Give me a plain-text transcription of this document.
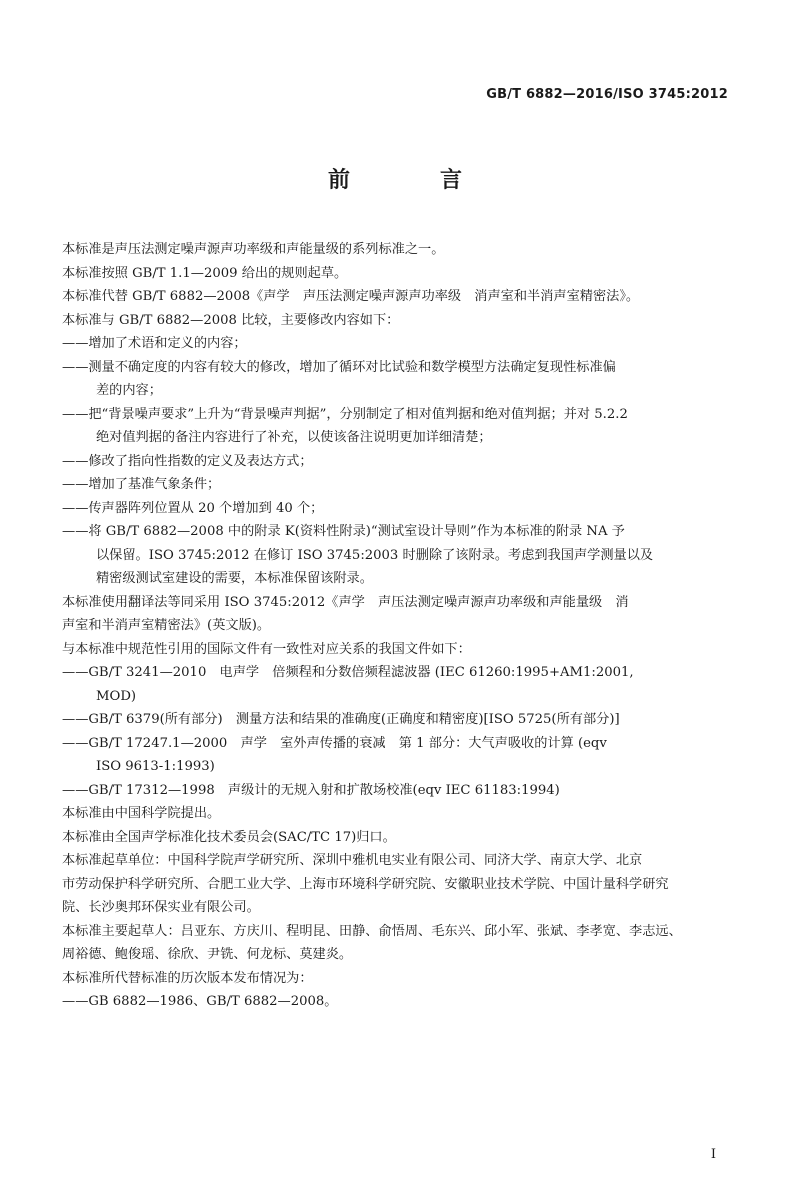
GB/T 6882—2016/ISO 3745:2012
前　言

本标准是声压法测定噪声源声功率级和声能量级的系列标准之一。

本标准按照 GB/T 1.1—2009 给出的规则起草。

本标准代替 GB/T 6882—2008《声学　声压法测定噪声源声功率级　消声室和半消声室精密法》。

本标准与 GB/T 6882—2008 比较，主要修改内容如下：

——增加了术语和定义的内容；

——测量不确定度的内容有较大的修改，增加了循环对比试验和数学模型方法确定复现性标准偏

差的内容；

——把“背景噪声要求”上升为“背景噪声判据”，分别制定了相对值判据和绝对值判据；并对 5.2.2

绝对值判据的备注内容进行了补充，以使该备注说明更加详细清楚；

——修改了指向性指数的定义及表达方式；

——增加了基准气象条件；

——传声器阵列位置从 20 个增加到 40 个；

——将 GB/T 6882—2008 中的附录 K(资料性附录)“测试室设计导则”作为本标准的附录 NA 予

以保留。ISO 3745:2012 在修订 ISO 3745:2003 时删除了该附录。考虑到我国声学测量以及

精密级测试室建设的需要，本标准保留该附录。

本标准使用翻译法等同采用 ISO 3745:2012《声学　声压法测定噪声源声功率级和声能量级　消

声室和半消声室精密法》(英文版)。

与本标准中规范性引用的国际文件有一致性对应关系的我国文件如下：

——GB/T 3241—2010　电声学　倍频程和分数倍频程滤波器 (IEC 61260:1995+AM1:2001,

MOD)

——GB/T 6379(所有部分)　测量方法和结果的准确度(正确度和精密度)[ISO 5725(所有部分)]

——GB/T 17247.1—2000　声学　室外声传播的衰减　第 1 部分：大气声吸收的计算 (eqv

ISO 9613-1:1993)

——GB/T 17312—1998　声级计的无规入射和扩散场校准(eqv IEC 61183:1994)

本标准由中国科学院提出。

本标准由全国声学标准化技术委员会(SAC/TC 17)归口。

本标准起草单位：中国科学院声学研究所、深圳中雅机电实业有限公司、同济大学、南京大学、北京

市劳动保护科学研究所、合肥工业大学、上海市环境科学研究院、安徽职业技术学院、中国计量科学研究

院、长沙奥邦环保实业有限公司。

本标准主要起草人：吕亚东、方庆川、程明昆、田静、俞悟周、毛东兴、邱小军、张斌、李孝宽、李志远、

周裕德、鲍俊瑶、徐欣、尹铣、何龙标、莫建炎。

本标准所代替标准的历次版本发布情况为：

——GB 6882—1986、GB/T 6882—2008。

I
